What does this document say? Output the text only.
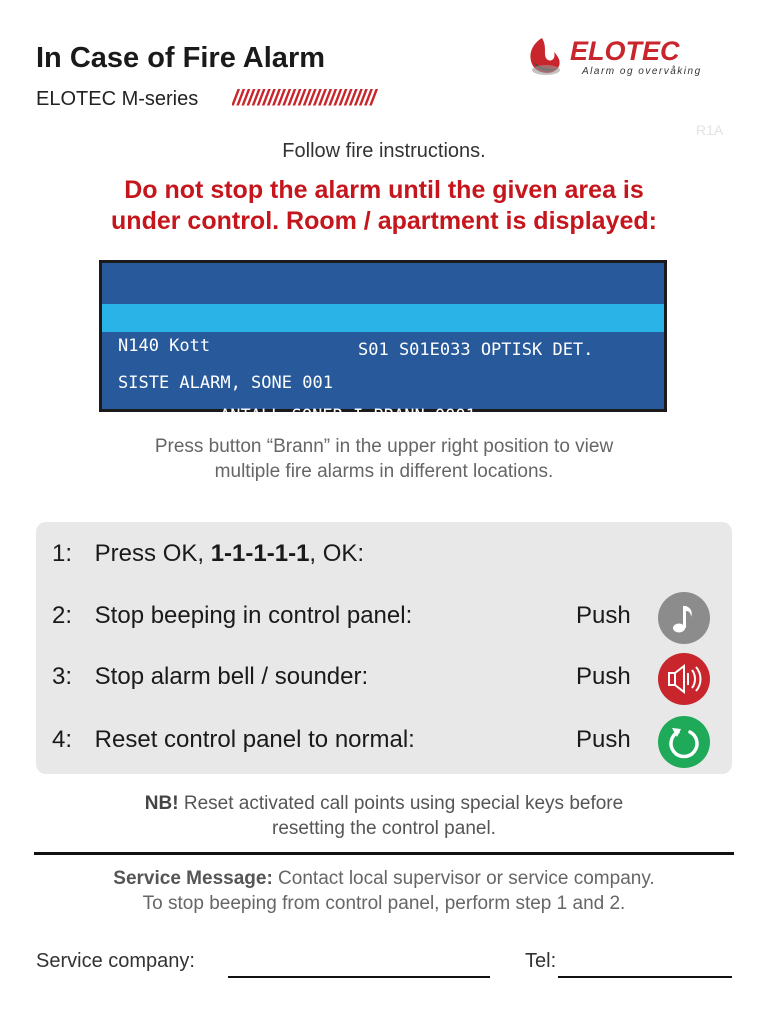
In Case of Fire Alarm
ELOTEC M-series ////////////////////////////
ELOTEC
Alarm og overvåking
R1A
Follow fire instructions.
Do not stop the alarm until the given area is
under control. Room / apartment is displayed:

S01 S01E033 OPTISK DET.

N140 Kott

SISTE ALARM, SONE 001

ANTALL SONER I BRANN 0001

Press button “Brann” in the upper right position to view
multiple fire alarms in different locations.
1: Press OK, 1-1-1-1-1, OK:
2: Stop beeping in control panel:	Push
3: Stop alarm bell / sounder:	Push
4: Reset control panel to normal:	Push
NB! Reset activated call points using special keys before
resetting the control panel.
Service Message: Contact local supervisor or service company.
To stop beeping from control panel, perform step 1 and 2.
Service company:	Tel:
